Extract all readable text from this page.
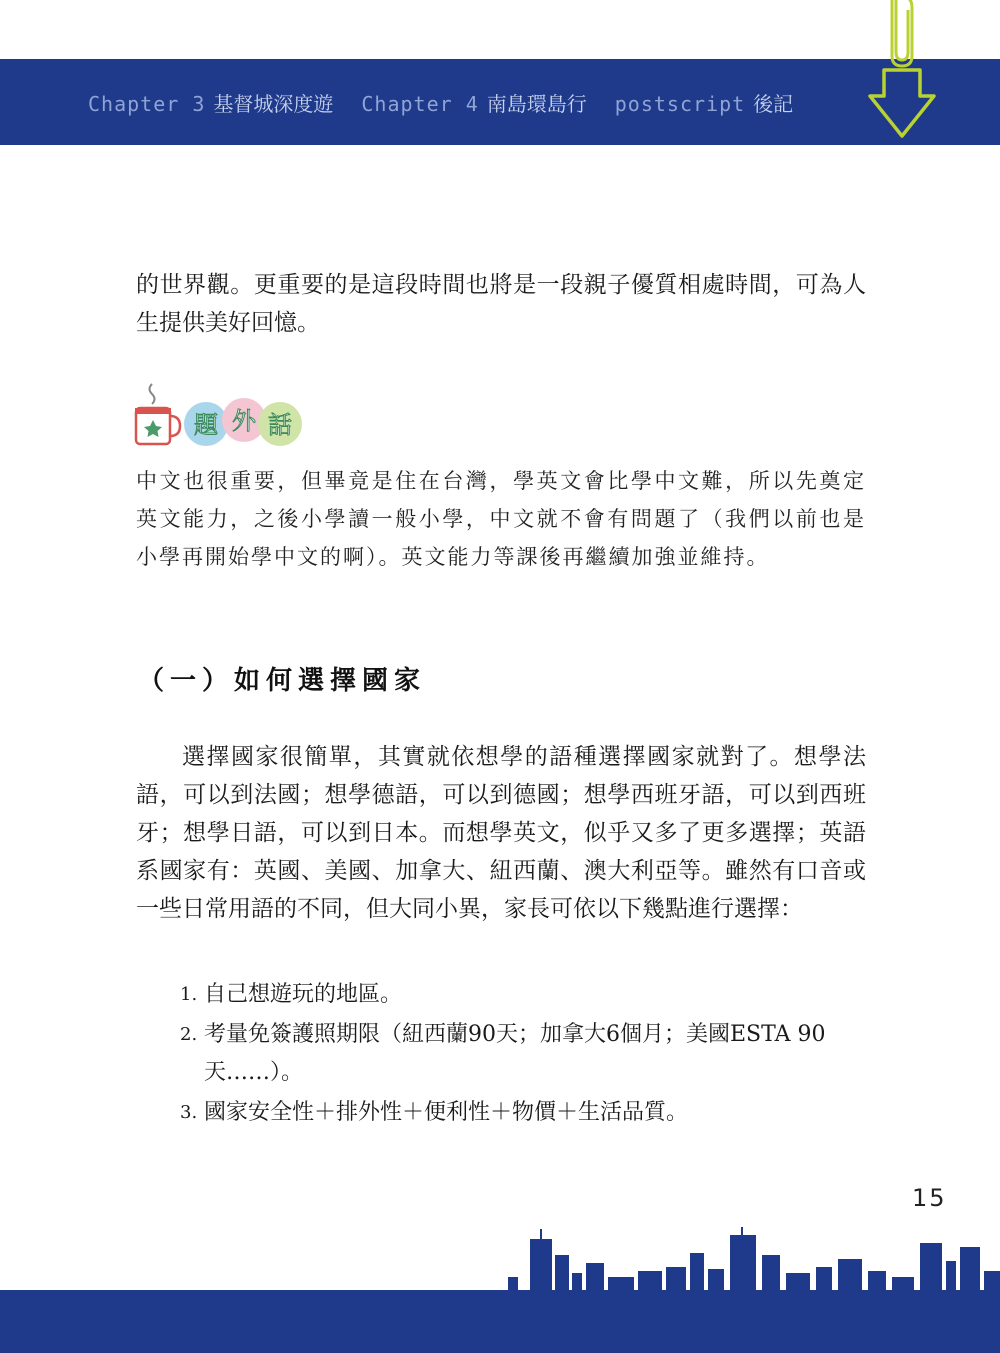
Chapter 3 基督城深度遊 Chapter 4 南島環島行 postscript 後記

的世界觀。更重要的是這段時間也將是一段親子優質相處時間，可為人生提供美好回憶。

題 外 話

中文也很重要，但畢竟是住在台灣，學英文會比學中文難，所以先奠定英文能力，之後小學讀一般小學，中文就不會有問題了（我們以前也是小學再開始學中文的啊）。英文能力等課後再繼續加強並維持。

（一）如何選擇國家

選擇國家很簡單，其實就依想學的語種選擇國家就對了。想學法語，可以到法國；想學德語，可以到德國；想學西班牙語，可以到西班牙；想學日語，可以到日本。而想學英文，似乎又多了更多選擇；英語系國家有：英國、美國、加拿大、紐西蘭、澳大利亞等。雖然有口音或一些日常用語的不同，但大同小異，家長可依以下幾點進行選擇：

1. 自己想遊玩的地區。
2. 考量免簽護照期限（紐西蘭90天；加拿大6個月；美國ESTA 90天……）。
3. 國家安全性＋排外性＋便利性＋物價＋生活品質。
15
